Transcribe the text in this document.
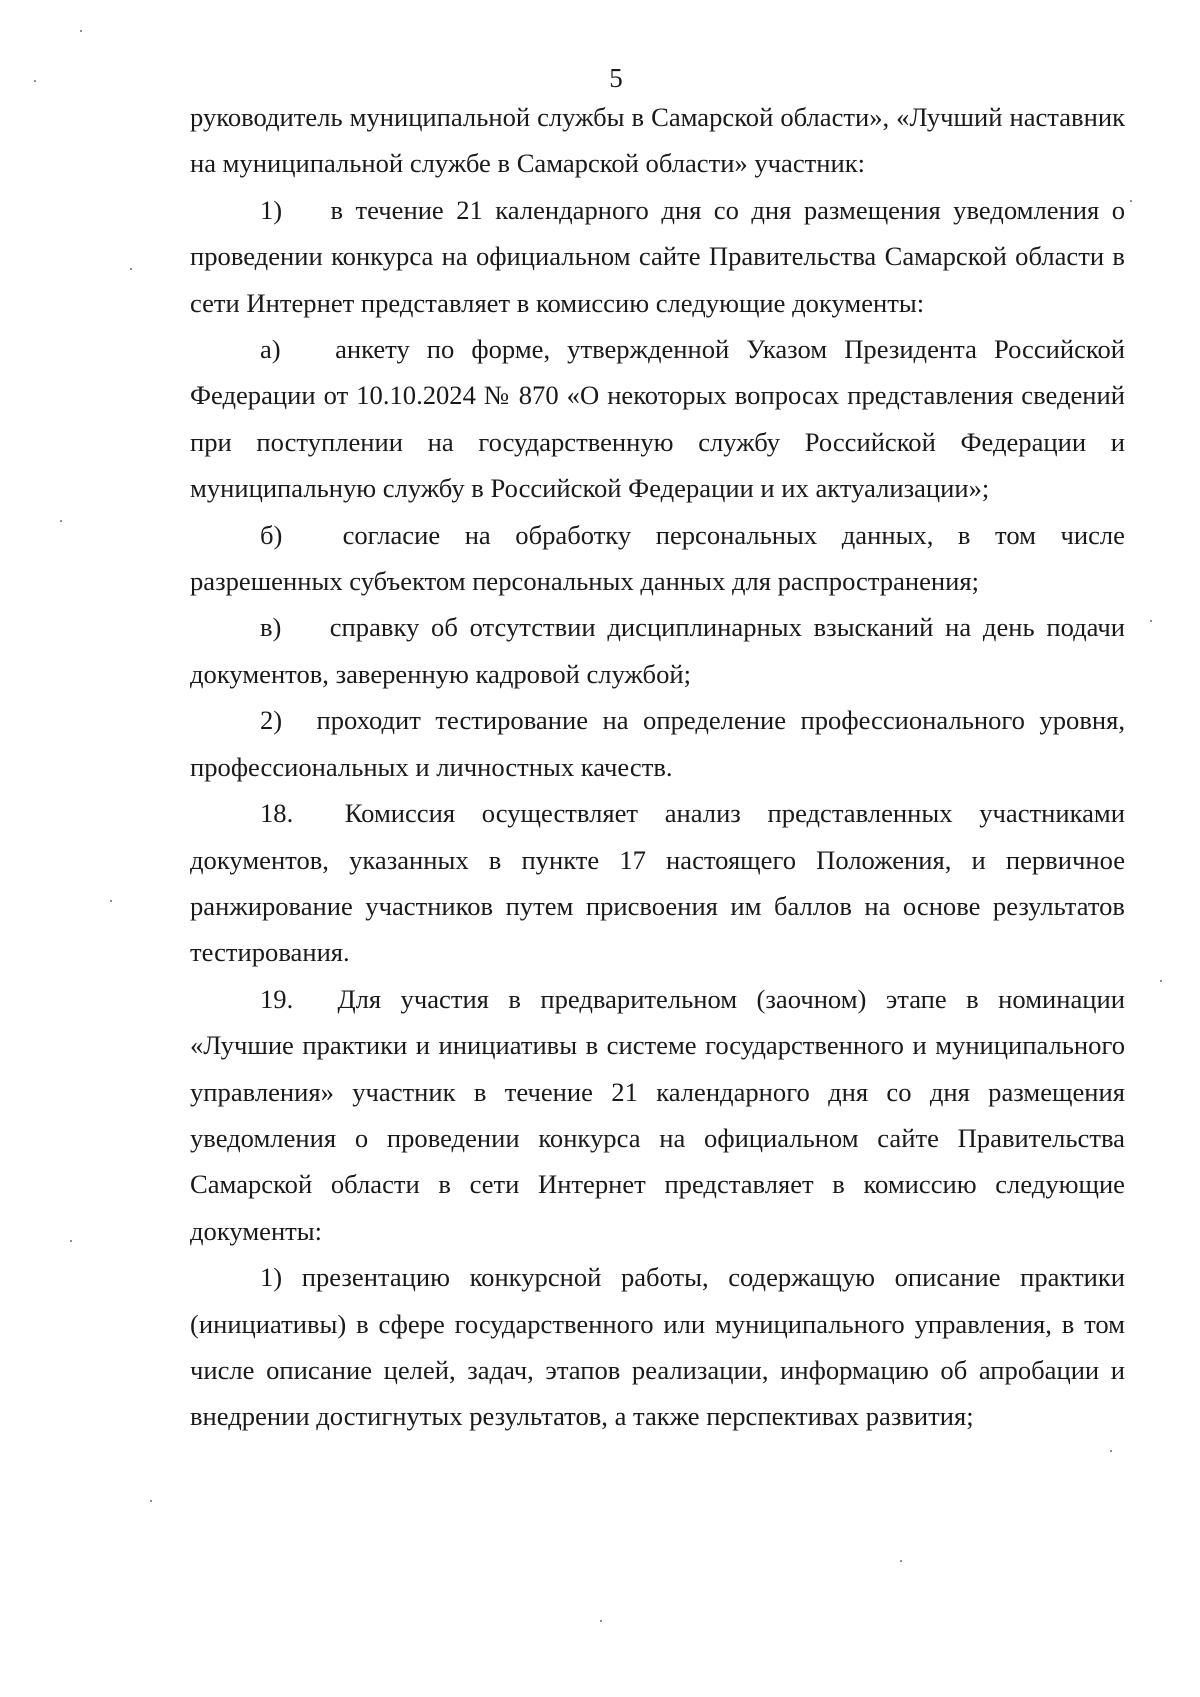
5

руководитель муниципальной службы в Самарской области», «Лучший наставник на муниципальной службе в Самарской области» участник:

1) в течение 21 календарного дня со дня размещения уведомления о проведении конкурса на официальном сайте Правительства Самарской области в сети Интернет представляет в комиссию следующие документы:

а) анкету по форме, утвержденной Указом Президента Российской Федерации от 10.10.2024 № 870 «О некоторых вопросах представления сведений при поступлении на государственную службу Российской Федерации и муниципальную службу в Российской Федерации и их актуализации»;

б) согласие на обработку персональных данных, в том числе разрешенных субъектом персональных данных для распространения;

в) справку об отсутствии дисциплинарных взысканий на день подачи документов, заверенную кадровой службой;

2) проходит тестирование на определение профессионального уровня, профессиональных и личностных качеств.

18. Комиссия осуществляет анализ представленных участниками документов, указанных в пункте 17 настоящего Положения, и первичное ранжирование участников путем присвоения им баллов на основе результатов тестирования.

19. Для участия в предварительном (заочном) этапе в номинации «Лучшие практики и инициативы в системе государственного и муниципального управления» участник в течение 21 календарного дня со дня размещения уведомления о проведении конкурса на официальном сайте Правительства Самарской области в сети Интернет представляет в комиссию следующие документы:

1) презентацию конкурсной работы, содержащую описание практики (инициативы) в сфере государственного или муниципального управления, в том числе описание целей, задач, этапов реализации, информацию об апробации и внедрении достигнутых результатов, а также перспективах развития;
